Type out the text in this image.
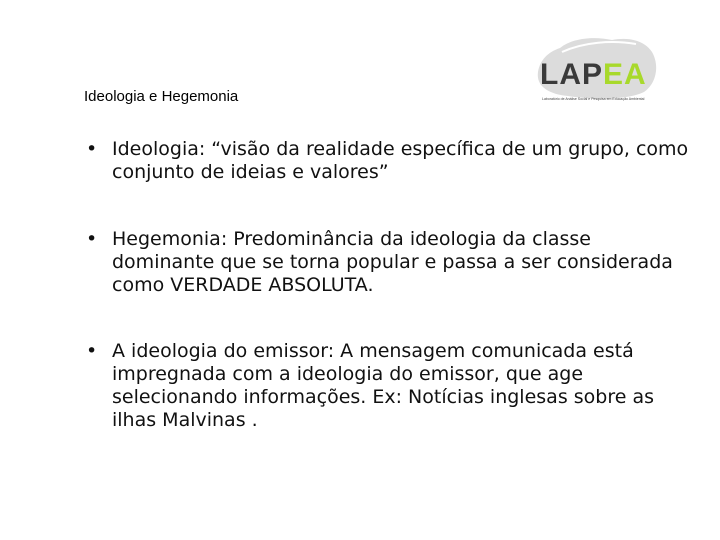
Ideologia e Hegemonia
LAPEA
Laboratório de Análise Social e Pesquisa em Educação Ambiental
• Ideologia: “visão da realidade específica de um grupo, como conjunto de ideias e valores”
• Hegemonia: Predominância da ideologia da classe dominante que se torna popular e passa a ser considerada como VERDADE ABSOLUTA.
• A ideologia do emissor: A mensagem comunicada está impregnada com a ideologia do emissor, que age selecionando informações. Ex: Notícias inglesas sobre as ilhas Malvinas .
